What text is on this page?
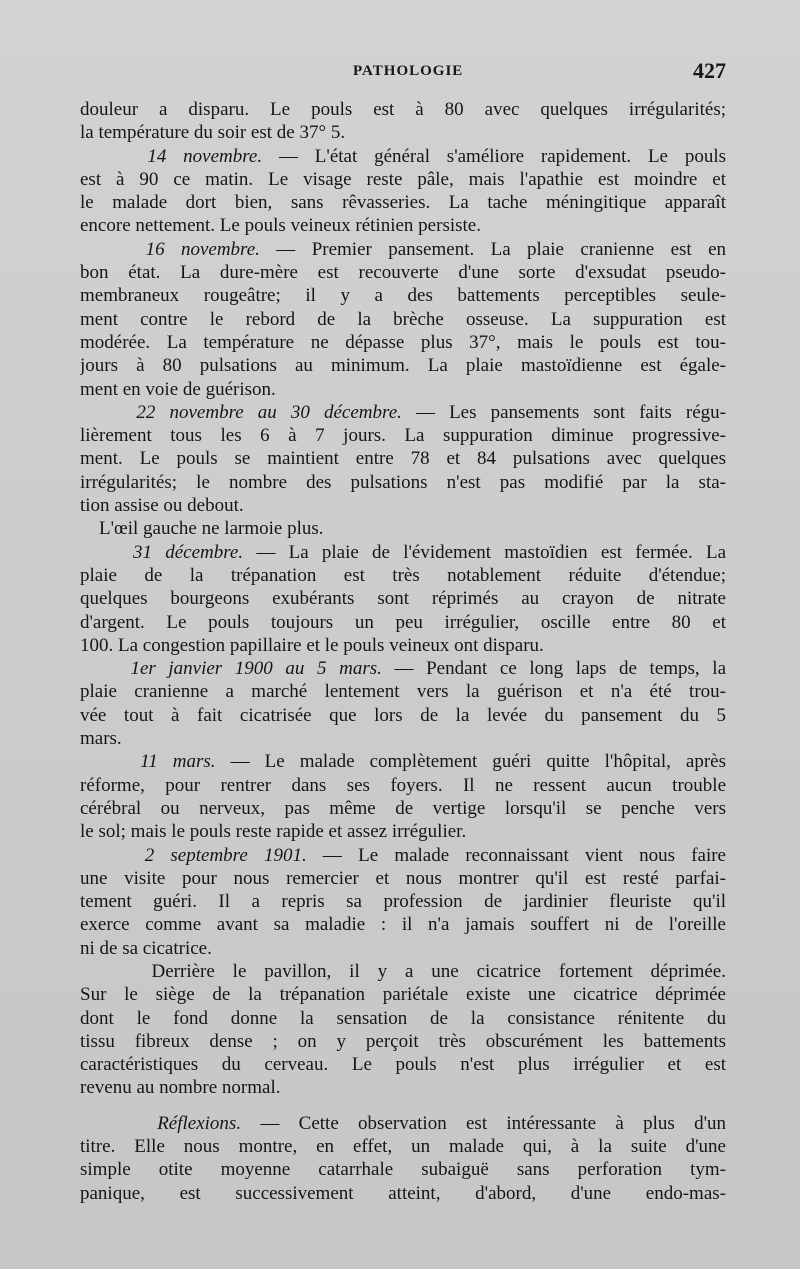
PATHOLOGIE	427
douleur a disparu. Le pouls est à 80 avec quelques irrégularités;
la température du soir est de 37° 5.
14 novembre. — L'état général s'améliore rapidement. Le pouls
est à 90 ce matin. Le visage reste pâle, mais l'apathie est moindre et
le malade dort bien, sans rêvasseries. La tache méningitique apparaît
encore nettement. Le pouls veineux rétinien persiste.
16 novembre. — Premier pansement. La plaie cranienne est en
bon état. La dure-mère est recouverte d'une sorte d'exsudat pseudo-
membraneux rougeâtre; il y a des battements perceptibles seule-
ment contre le rebord de la brèche osseuse. La suppuration est
modérée. La température ne dépasse plus 37°, mais le pouls est tou-
jours à 80 pulsations au minimum. La plaie mastoïdienne est égale-
ment en voie de guérison.
22 novembre au 30 décembre. — Les pansements sont faits régu-
lièrement tous les 6 à 7 jours. La suppuration diminue progressive-
ment. Le pouls se maintient entre 78 et 84 pulsations avec quelques
irrégularités; le nombre des pulsations n'est pas modifié par la sta-
tion assise ou debout.
L'œil gauche ne larmoie plus.
31 décembre. — La plaie de l'évidement mastoïdien est fermée. La
plaie de la trépanation est très notablement réduite d'étendue;
quelques bourgeons exubérants sont réprimés au crayon de nitrate
d'argent. Le pouls toujours un peu irrégulier, oscille entre 80 et
100. La congestion papillaire et le pouls veineux ont disparu.
1er janvier 1900 au 5 mars. — Pendant ce long laps de temps, la
plaie cranienne a marché lentement vers la guérison et n'a été trou-
vée tout à fait cicatrisée que lors de la levée du pansement du 5
mars.
11 mars. — Le malade complètement guéri quitte l'hôpital, après
réforme, pour rentrer dans ses foyers. Il ne ressent aucun trouble
cérébral ou nerveux, pas même de vertige lorsqu'il se penche vers
le sol; mais le pouls reste rapide et assez irrégulier.
2 septembre 1901. — Le malade reconnaissant vient nous faire
une visite pour nous remercier et nous montrer qu'il est resté parfai-
tement guéri. Il a repris sa profession de jardinier fleuriste qu'il
exerce comme avant sa maladie : il n'a jamais souffert ni de l'oreille
ni de sa cicatrice.
Derrière le pavillon, il y a une cicatrice fortement déprimée.
Sur le siège de la trépanation pariétale existe une cicatrice déprimée
dont le fond donne la sensation de la consistance rénitente du
tissu fibreux dense ; on y perçoit très obscurément les battements
caractéristiques du cerveau. Le pouls n'est plus irrégulier et est
revenu au nombre normal.
Réflexions. — Cette observation est intéressante à plus d'un
titre. Elle nous montre, en effet, un malade qui, à la suite d'une
simple otite moyenne catarrhale subaiguë sans perforation tym-
panique, est successivement atteint, d'abord, d'une endo-mas-
